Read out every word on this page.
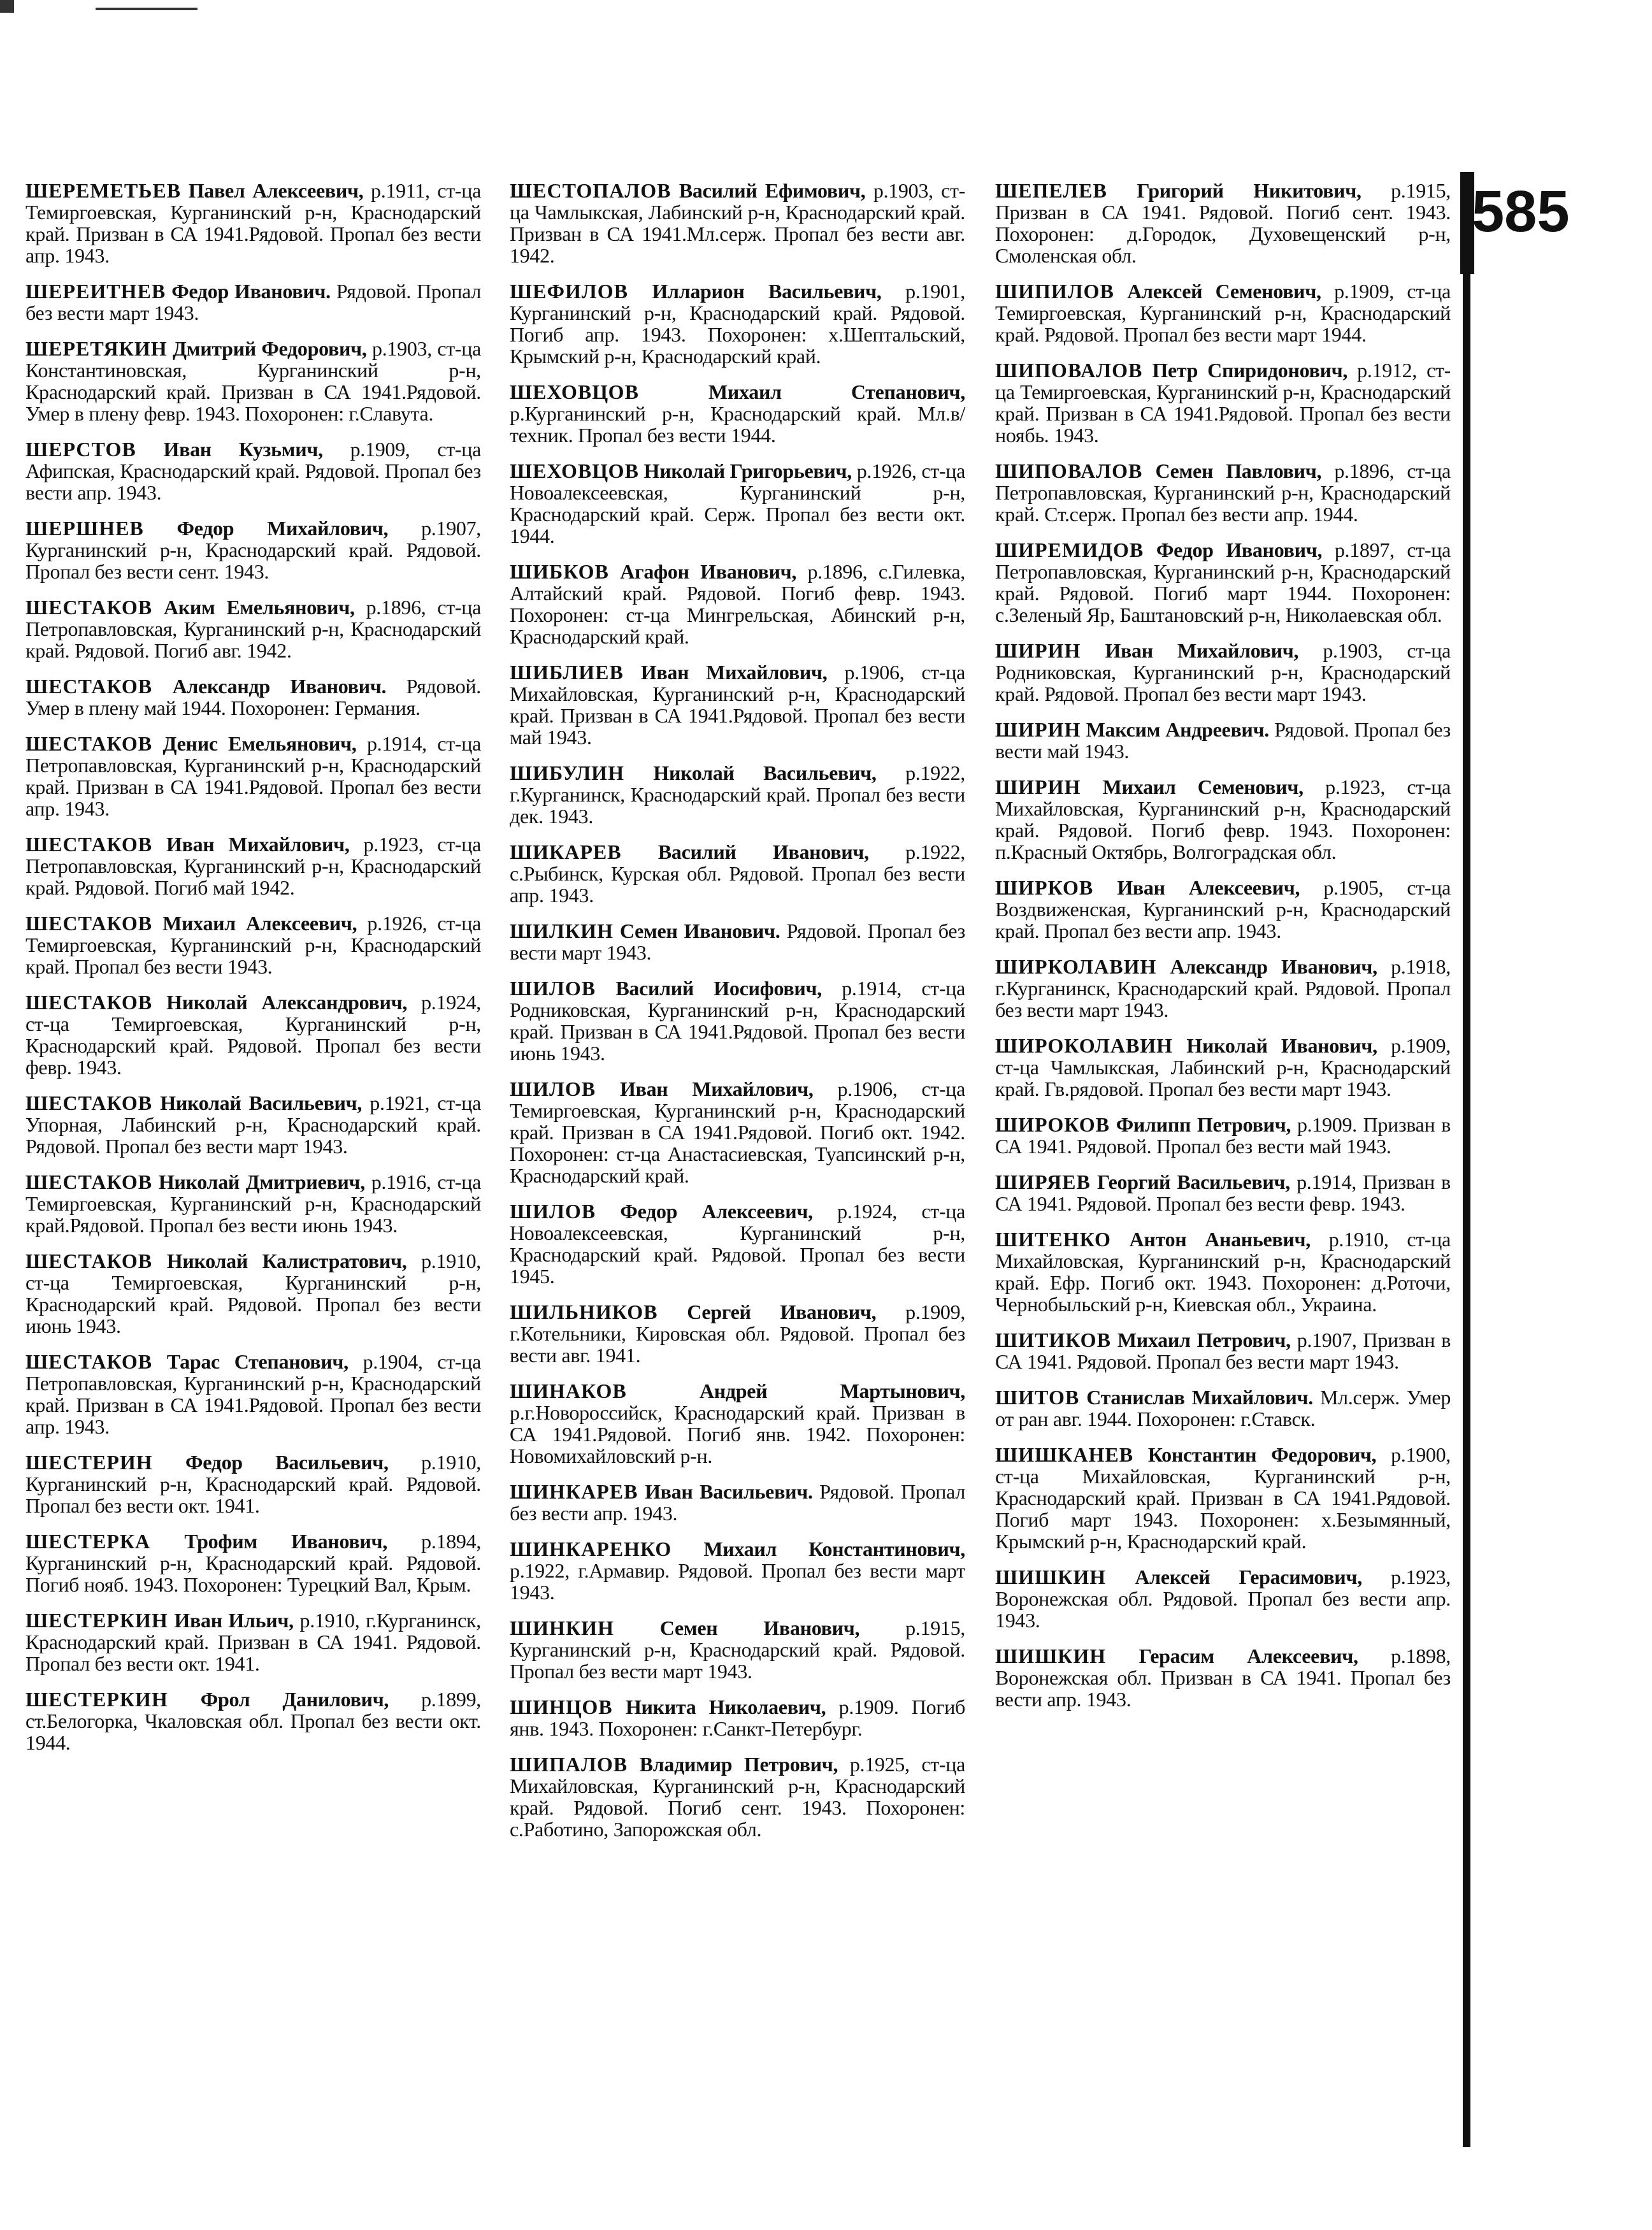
ШЕРЕМЕТЬЕВ Павел Алексеевич, р.1911, ст-ца Темиргоевская, Курганинский р-н, Краснодарский край. Призван в СА 1941.Рядовой. Пропал без вести апр. 1943.

ШЕРЕИТНЕВ Федор Иванович. Рядовой. Пропал без вести март 1943.

ШЕРЕТЯКИН Дмитрий Федорович, р.1903, ст-ца Константиновская, Курганинский р-н, Краснодарский край. Призван в СА 1941.Рядовой. Умер в плену февр. 1943. Похоронен: г.Славута.

ШЕРСТОВ Иван Кузьмич, р.1909, ст-ца Афипская, Краснодарский край. Рядовой. Пропал без вести апр. 1943.

ШЕРШНЕВ Федор Михайлович, р.1907, Курганинский р-н, Краснодарский край. Рядовой. Пропал без вести сент. 1943.

ШЕСТАКОВ Аким Емельянович, р.1896, ст-ца Петропавловская, Курганинский р-н, Краснодарский край. Рядовой. Погиб авг. 1942.

ШЕСТАКОВ Александр Иванович. Рядовой. Умер в плену май 1944. Похоронен: Германия.

ШЕСТАКОВ Денис Емельянович, р.1914, ст-ца Петропавловская, Курганинский р-н, Краснодарский край. Призван в СА 1941.Рядовой. Пропал без вести апр. 1943.

ШЕСТАКОВ Иван Михайлович, р.1923, ст-ца Петропавловская, Курганинский р-н, Краснодарский край. Рядовой. Погиб май 1942.

ШЕСТАКОВ Михаил Алексеевич, р.1926, ст-ца Темиргоевская, Курганинский р-н, Краснодарский край. Пропал без вести 1943.

ШЕСТАКОВ Николай Александрович, р.1924, ст-ца Темиргоевская, Курганинский р-н, Краснодарский край. Рядовой. Пропал без вести февр. 1943.

ШЕСТАКОВ Николай Васильевич, р.1921, ст-ца Упорная, Лабинский р-н, Краснодарский край. Рядовой. Пропал без вести март 1943.

ШЕСТАКОВ Николай Дмитриевич, р.1916, ст-ца Темиргоевская, Курганинский р-н, Краснодарский край.Рядовой. Пропал без вести июнь 1943.

ШЕСТАКОВ Николай Калистратович, р.1910, ст-ца Темиргоевская, Курганинский р-н, Краснодарский край. Рядовой. Пропал без вести июнь 1943.

ШЕСТАКОВ Тарас Степанович, р.1904, ст-ца Петропавловская, Курганинский р-н, Краснодарский край. Призван в СА 1941.Рядовой. Пропал без вести апр. 1943.

ШЕСТЕРИН Федор Васильевич, р.1910, Курганинский р-н, Краснодарский край. Рядовой. Пропал без вести окт. 1941.

ШЕСТЕРКА Трофим Иванович, р.1894, Курганинский р-н, Краснодарский край. Рядовой. Погиб нояб. 1943. Похоронен: Турецкий Вал, Крым.

ШЕСТЕРКИН Иван Ильич, р.1910, г.Курганинск, Краснодарский край. Призван в СА 1941. Рядовой. Пропал без вести окт. 1941.

ШЕСТЕРКИН Фрол Данилович, р.1899, ст.Белогорка, Чкаловская обл. Пропал без вести окт. 1944.

ШЕСТОПАЛОВ Василий Ефимович, р.1903, ст-ца Чамлыкская, Лабинский р-н, Краснодарский край. Призван в СА 1941.Мл.серж. Пропал без вести авг. 1942.

ШЕФИЛОВ Илларион Васильевич, р.1901, Курганинский р-н, Краснодарский край. Рядовой. Погиб апр. 1943. Похоронен: х.Шептальский, Крымский р-н, Краснодарский край.

ШЕХОВЦОВ	Михаил Степанович, р.Курганинский р-н, Краснодарский край. Мл.в/техник. Пропал без вести 1944.

ШЕХОВЦОВ Николай Григорьевич, р.1926, ст-ца Новоалексеевская, Курганинский р-н, Краснодарский край. Серж. Пропал без вести окт. 1944.

ШИБКОВ Агафон Иванович, р.1896, с.Гилевка, Алтайский край. Рядовой. Погиб февр. 1943. Похоронен: ст-ца Мингрельская, Абинский р-н, Краснодарский край.

ШИБЛИЕВ Иван Михайлович, р.1906, ст-ца Михайловская, Курганинский р-н, Краснодарский край. Призван в СА 1941.Рядовой. Пропал без вести май 1943.

ШИБУЛИН Николай Васильевич, р.1922, г.Курганинск, Краснодарский край. Пропал без вести дек. 1943.

ШИКАРЕВ Василий Иванович, р.1922, с.Рыбинск, Курская обл. Рядовой. Пропал без вести апр. 1943.

ШИЛКИН Семен Иванович. Рядовой. Пропал без вести март 1943.

ШИЛОВ Василий Иосифович, р.1914, ст-ца Родниковская, Курганинский р-н, Краснодарский край. Призван в СА 1941.Рядовой. Пропал без вести июнь 1943.

ШИЛОВ Иван Михайлович, р.1906, ст-ца Темиргоевская, Курганинский р-н, Краснодарский край. Призван в СА 1941.Рядовой. Погиб окт. 1942. Похоронен: ст-ца Анастасиевская, Туапсинский р-н, Краснодарский край.

ШИЛОВ Федор Алексеевич, р.1924, ст-ца Новоалексеевская, Курганинский р-н, Краснодарский край. Рядовой. Пропал без вести 1945.

ШИЛЬНИКОВ Сергей Иванович, р.1909, г.Котельники, Кировская обл. Рядовой. Пропал без вести авг. 1941.

ШИНАКОВ	Андрей Мартынович, р.г.Новороссийск, Краснодарский край. Призван в СА 1941.Рядовой. Погиб янв. 1942. Похоронен: Новомихайловский р-н.

ШИНКАРЕВ Иван Васильевич. Рядовой. Пропал без вести апр. 1943.

ШИНКАРЕНКО Михаил Константинович, р.1922, г.Армавир. Рядовой. Пропал без вести март 1943.

ШИНКИН Семен Иванович, р.1915, Курганинский р-н, Краснодарский край. Рядовой. Пропал без вести март 1943.

ШИНЦОВ Никита Николаевич, р.1909. Погиб янв. 1943. Похоронен: г.Санкт-Петербург.

ШИПАЛОВ Владимир Петрович, р.1925, ст-ца Михайловская, Курганинский р-н, Краснодарский край. Рядовой. Погиб сент. 1943. Похоронен: с.Работино, Запорожская обл.

ШЕПЕЛЕВ Григорий Никитович, р.1915, Призван в СА 1941. Рядовой. Погиб сент. 1943. Похоронен: д.Городок, Духовещенский р-н, Смоленская обл.

ШИПИЛОВ Алексей Семенович, р.1909, ст-ца Темиргоевская, Курганинский р-н, Краснодарский край. Рядовой. Пропал без вести март 1944.

ШИПОВАЛОВ Петр Спиридонович, р.1912, ст-ца Темиргоевская, Курганинский р-н, Краснодарский край. Призван в СА 1941.Рядовой. Пропал без вести ноябь. 1943.

ШИПОВАЛОВ Семен Павлович, р.1896, ст-ца Петропавловская, Курганинский р-н, Краснодарский край. Ст.серж. Пропал без вести апр. 1944.

ШИРЕМИДОВ Федор Иванович, р.1897, ст-ца Петропавловская, Курганинский р-н, Краснодарский край. Рядовой. Погиб март 1944. Похоронен: с.Зеленый Яр, Баштановский р-н, Николаевская обл.

ШИРИН Иван Михайлович, р.1903, ст-ца Родниковская, Курганинский р-н, Краснодарский край. Рядовой. Пропал без вести март 1943.

ШИРИН Максим Андреевич. Рядовой. Пропал без вести май 1943.

ШИРИН Михаил Семенович, р.1923, ст-ца Михайловская, Курганинский р-н, Краснодарский край. Рядовой. Погиб февр. 1943. Похоронен: п.Красный Октябрь, Волгоградская обл.

ШИРКОВ Иван Алексеевич, р.1905, ст-ца Воздвиженская, Курганинский р-н, Краснодарский край. Пропал без вести апр. 1943.

ШИРКОЛАВИН Александр Иванович, р.1918, г.Курганинск, Краснодарский край. Рядовой. Пропал без вести март 1943.

ШИРОКОЛАВИН Николай Иванович, р.1909, ст-ца Чамлыкская, Лабинский р-н, Краснодарский край. Гв.рядовой. Пропал без вести март 1943.

ШИРОКОВ Филипп Петрович, р.1909. Призван в СА 1941. Рядовой. Пропал без вести май 1943.

ШИРЯЕВ Георгий Васильевич, р.1914, Призван в СА 1941. Рядовой. Пропал без вести февр. 1943.

ШИТЕНКО Антон Ананьевич, р.1910, ст-ца Михайловская, Курганинский р-н, Краснодарский край. Ефр. Погиб окт. 1943. Похоронен: д.Роточи, Чернобыльский р-н, Киевская обл., Украина.

ШИТИКОВ Михаил Петрович, р.1907, Призван в СА 1941. Рядовой. Пропал без вести март 1943.

ШИТОВ Станислав Михайлович. Мл.серж. Умер от ран авг. 1944. Похоронен: г.Ставск.

ШИШКАНЕВ Константин Федорович, р.1900, ст-ца Михайловская, Курганинский р-н, Краснодарский край. Призван в СА 1941.Рядовой. Погиб март 1943. Похоронен: х.Безымянный, Крымский р-н, Краснодарский край.

ШИШКИН Алексей Герасимович, р.1923, Воронежская обл. Рядовой. Пропал без вести апр. 1943.

ШИШКИН Герасим Алексеевич, р.1898, Воронежская обл. Призван в СА 1941. Пропал без вести апр. 1943.

585
